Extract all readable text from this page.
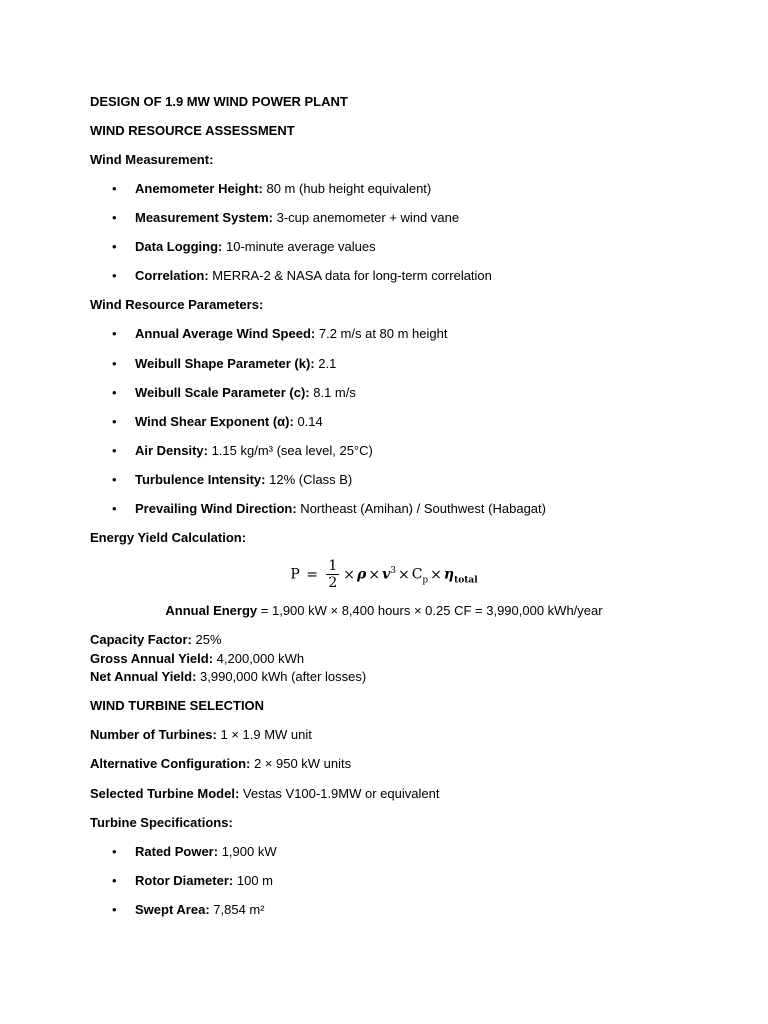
DESIGN OF 1.9 MW WIND POWER PLANT
WIND RESOURCE ASSESSMENT
Wind Measurement:
• Anemometer Height: 80 m (hub height equivalent)
• Measurement System: 3-cup anemometer + wind vane
• Data Logging: 10-minute average values
• Correlation: MERRA-2 & NASA data for long-term correlation
Wind Resource Parameters:
• Annual Average Wind Speed: 7.2 m/s at 80 m height
• Weibull Shape Parameter (k): 2.1
• Weibull Scale Parameter (c): 8.1 m/s
• Wind Shear Exponent (α): 0.14
• Air Density: 1.15 kg/m³ (sea level, 25°C)
• Turbulence Intensity: 12% (Class B)
• Prevailing Wind Direction: Northeast (Amihan) / Southwest (Habagat)
Energy Yield Calculation:
$P = \frac{1}{2} \times \rho \times v^3 \times C_p \times \eta_{total}$
Annual Energy = 1,900 kW × 8,400 hours × 0.25 CF = 3,990,000 kWh/year
Capacity Factor: 25%
Gross Annual Yield: 4,200,000 kWh
Net Annual Yield: 3,990,000 kWh (after losses)
WIND TURBINE SELECTION
Number of Turbines: 1 × 1.9 MW unit
Alternative Configuration: 2 × 950 kW units
Selected Turbine Model: Vestas V100-1.9MW or equivalent
Turbine Specifications:
• Rated Power: 1,900 kW
• Rotor Diameter: 100 m
• Swept Area: 7,854 m²
